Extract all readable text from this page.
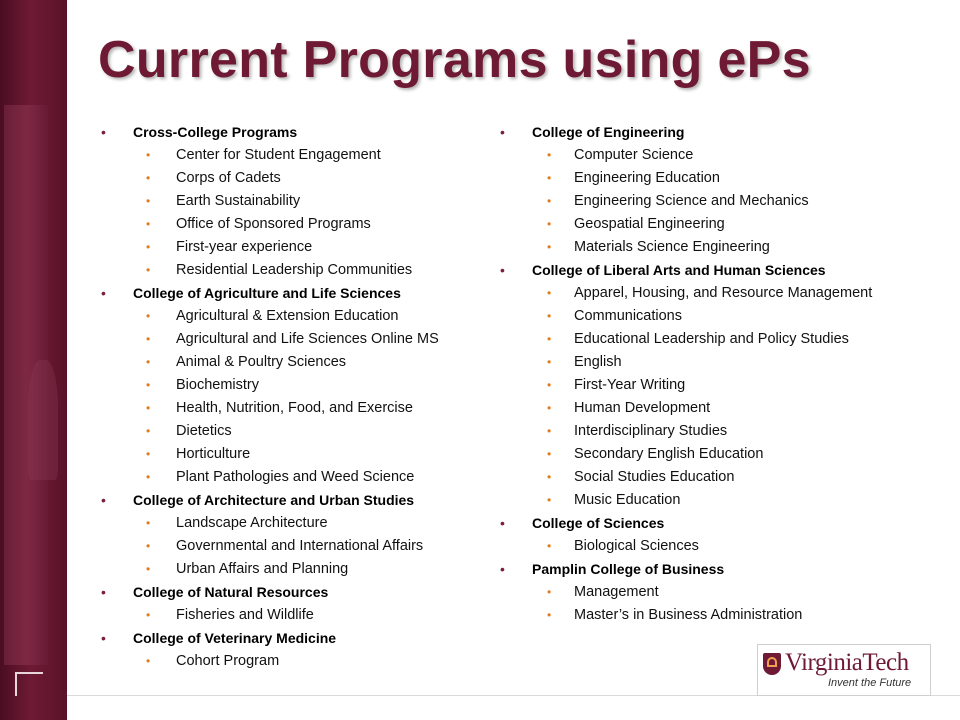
Current Programs using ePs
• Cross-College Programs
• Center for Student Engagement
• Corps of Cadets
• Earth Sustainability
• Office of Sponsored Programs
• First-year experience
• Residential Leadership Communities
• College of Agriculture and Life Sciences
• Agricultural & Extension Education
• Agricultural and Life Sciences Online MS
• Animal & Poultry Sciences
• Biochemistry
• Health, Nutrition, Food, and Exercise
• Dietetics
• Horticulture
• Plant Pathologies and Weed Science
• College of Architecture and Urban Studies
• Landscape Architecture
• Governmental and International Affairs
• Urban Affairs and Planning
• College of Natural Resources
• Fisheries and Wildlife
• College of Veterinary Medicine
• Cohort Program
• College of Engineering
• Computer Science
• Engineering Education
• Engineering Science and Mechanics
• Geospatial Engineering
• Materials Science Engineering
• College of Liberal Arts and Human Sciences
• Apparel, Housing, and Resource Management
• Communications
• Educational Leadership and Policy Studies
• English
• First-Year Writing
• Human Development
• Interdisciplinary Studies
• Secondary English Education
• Social Studies Education
• Music Education
• College of Sciences
• Biological Sciences
• Pamplin College of Business
• Management
• Master’s in Business Administration
VirginiaTech
Invent the Future
